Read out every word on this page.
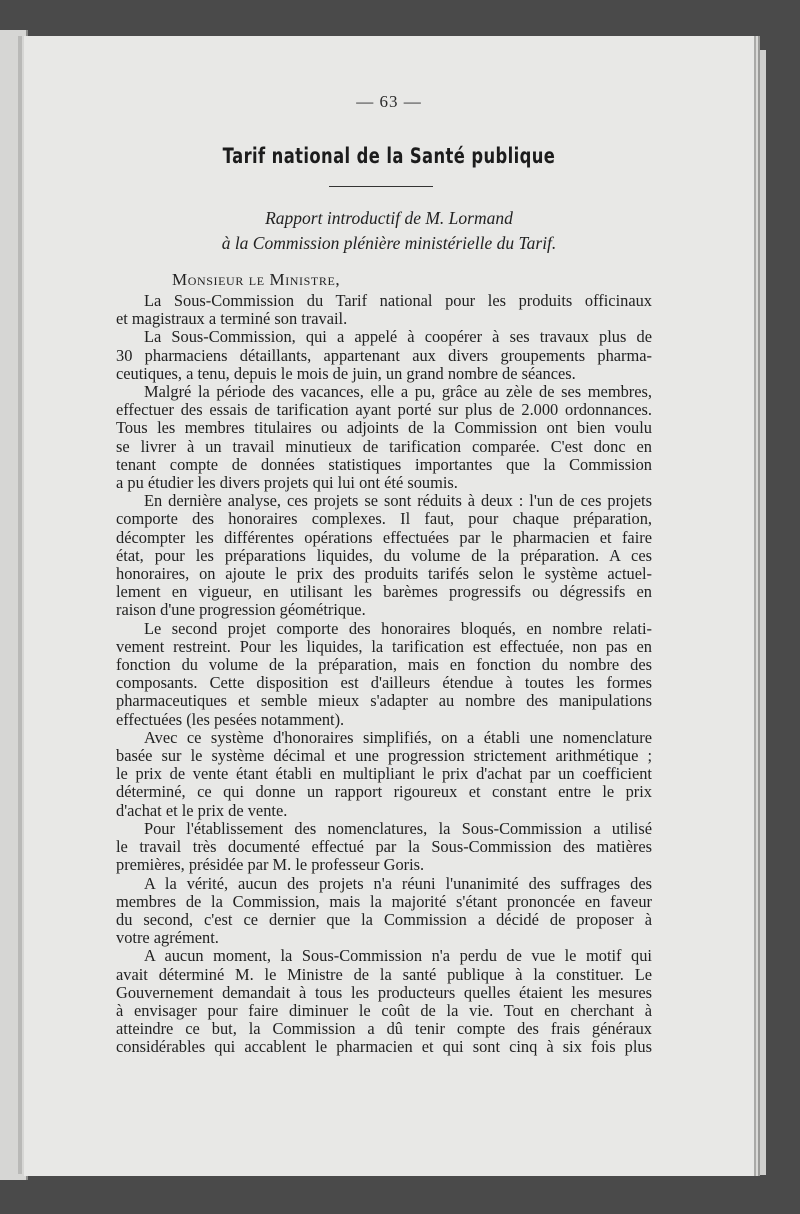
— 63 —
Tarif national de la Santé publique
Rapport introductif de M. Lormand
à la Commission plénière ministérielle du Tarif.
Monsieur le Ministre,
La Sous-Commission du Tarif national pour les produits officinaux
et magistraux a terminé son travail.
La Sous-Commission, qui a appelé à coopérer à ses travaux plus de
30 pharmaciens détaillants, appartenant aux divers groupements pharma-
ceutiques, a tenu, depuis le mois de juin, un grand nombre de séances.
Malgré la période des vacances, elle a pu, grâce au zèle de ses membres,
effectuer des essais de tarification ayant porté sur plus de 2.000 ordonnances.
Tous les membres titulaires ou adjoints de la Commission ont bien voulu
se livrer à un travail minutieux de tarification comparée. C'est donc en
tenant compte de données statistiques importantes que la Commission
a pu étudier les divers projets qui lui ont été soumis.
En dernière analyse, ces projets se sont réduits à deux : l'un de ces projets
comporte des honoraires complexes. Il faut, pour chaque préparation,
décompter les différentes opérations effectuées par le pharmacien et faire
état, pour les préparations liquides, du volume de la préparation. A ces
honoraires, on ajoute le prix des produits tarifés selon le système actuel-
lement en vigueur, en utilisant les barèmes progressifs ou dégressifs en
raison d'une progression géométrique.
Le second projet comporte des honoraires bloqués, en nombre relati-
vement restreint. Pour les liquides, la tarification est effectuée, non pas en
fonction du volume de la préparation, mais en fonction du nombre des
composants. Cette disposition est d'ailleurs étendue à toutes les formes
pharmaceutiques et semble mieux s'adapter au nombre des manipulations
effectuées (les pesées notamment).
Avec ce système d'honoraires simplifiés, on a établi une nomenclature
basée sur le système décimal et une progression strictement arithmétique ;
le prix de vente étant établi en multipliant le prix d'achat par un coefficient
déterminé, ce qui donne un rapport rigoureux et constant entre le prix
d'achat et le prix de vente.
Pour l'établissement des nomenclatures, la Sous-Commission a utilisé
le travail très documenté effectué par la Sous-Commission des matières
premières, présidée par M. le professeur Goris.
A la vérité, aucun des projets n'a réuni l'unanimité des suffrages des
membres de la Commission, mais la majorité s'étant prononcée en faveur
du second, c'est ce dernier que la Commission a décidé de proposer à
votre agrément.
A aucun moment, la Sous-Commission n'a perdu de vue le motif qui
avait déterminé M. le Ministre de la santé publique à la constituer. Le
Gouvernement demandait à tous les producteurs quelles étaient les mesures
à envisager pour faire diminuer le coût de la vie. Tout en cherchant à
atteindre ce but, la Commission a dû tenir compte des frais généraux
considérables qui accablent le pharmacien et qui sont cinq à six fois plus
